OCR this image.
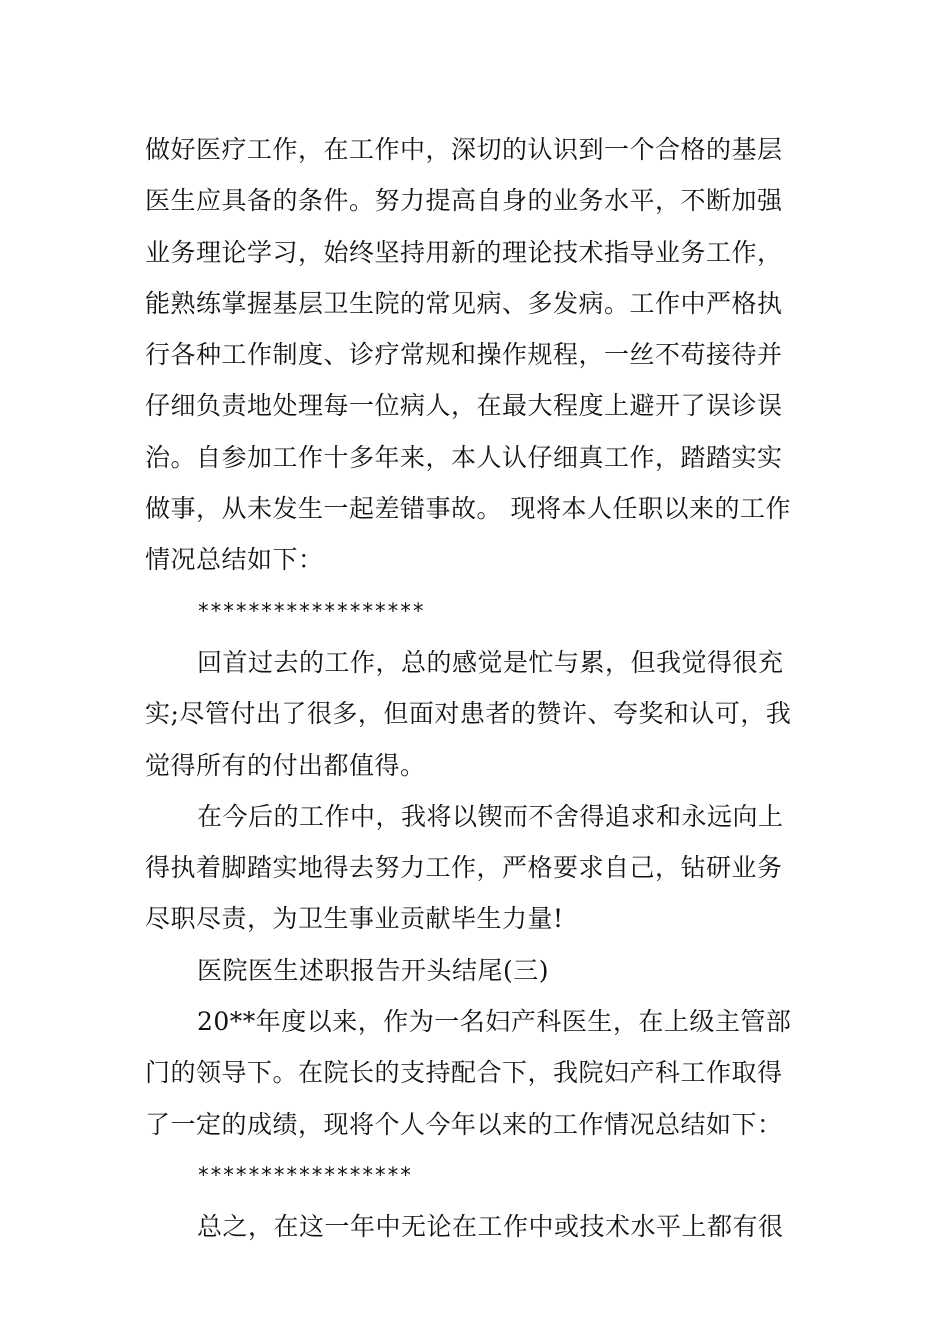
做好医疗工作，在工作中，深切的认识到一个合格的基层医生应具备的条件。努力提高自身的业务水平，不断加强业务理论学习，始终坚持用新的理论技术指导业务工作，能熟练掌握基层卫生院的常见病、多发病。工作中严格执行各种工作制度、诊疗常规和操作规程，一丝不苟接待并仔细负责地处理每一位病人，在最大程度上避开了误诊误治。自参加工作十多年来，本人认仔细真工作，踏踏实实做事，从未发生一起差错事故。 现将本人任职以来的工作情况总结如下：

******************

回首过去的工作，总的感觉是忙与累，但我觉得很充实;尽管付出了很多，但面对患者的赞许、夸奖和认可，我觉得所有的付出都值得。

在今后的工作中，我将以锲而不舍得追求和永远向上得执着脚踏实地得去努力工作，严格要求自己，钻研业务尽职尽责，为卫生事业贡献毕生力量!

医院医生述职报告开头结尾(三)

20**年度以来，作为一名妇产科医生，在上级主管部门的领导下。在院长的支持配合下，我院妇产科工作取得了一定的成绩，现将个人今年以来的工作情况总结如下：

*****************

总之，在这一年中无论在工作中或技术水平上都有很
